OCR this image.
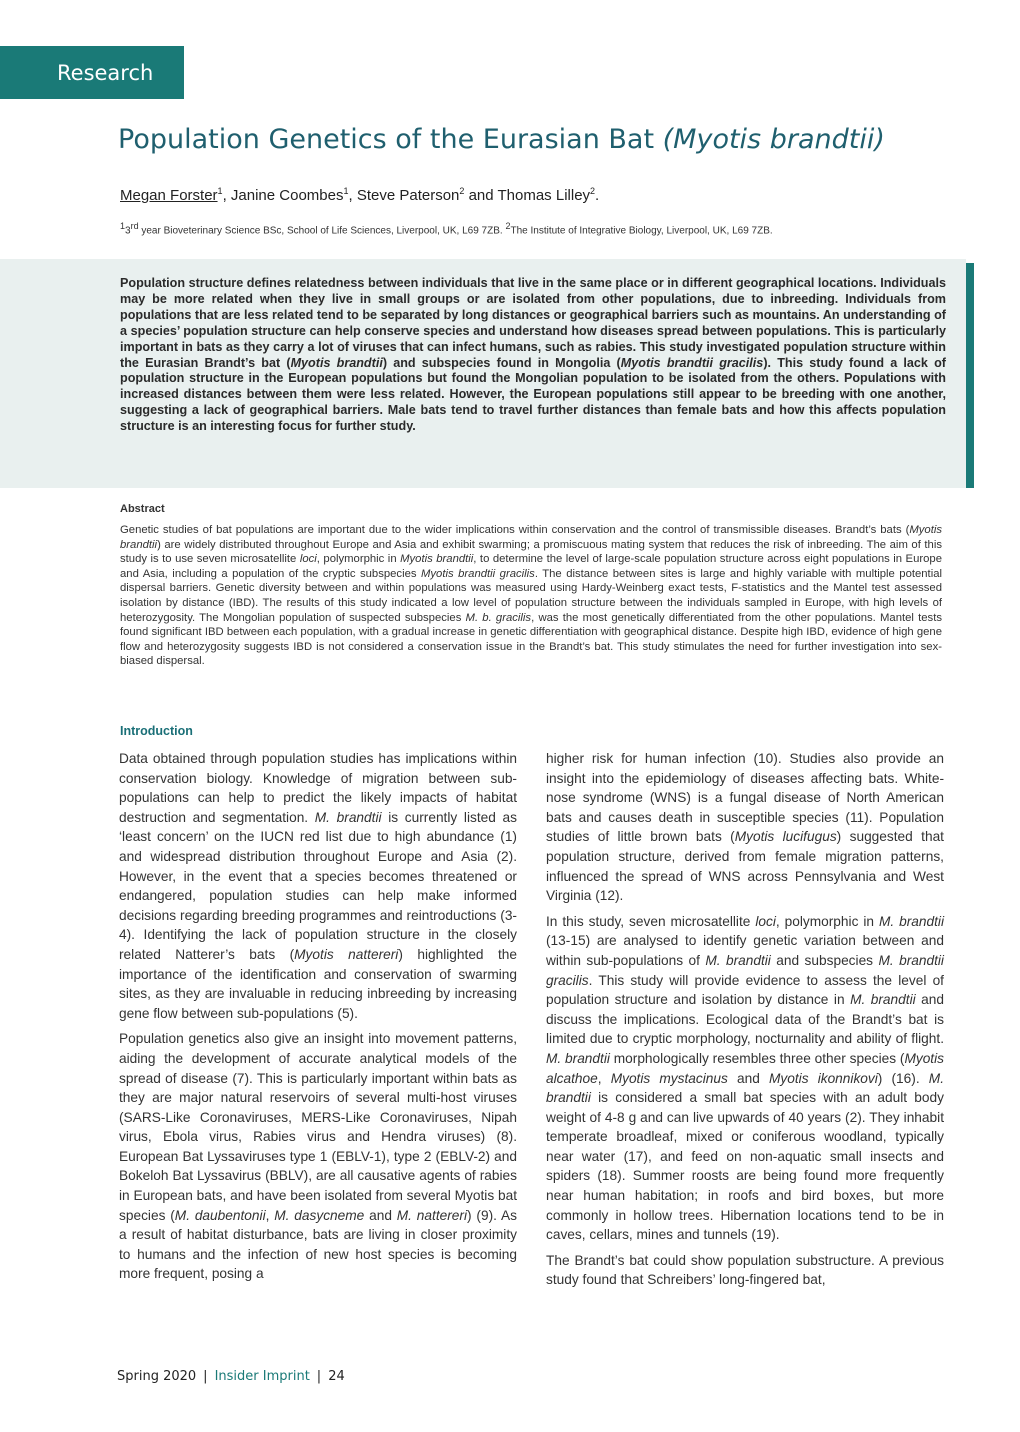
Research
Population Genetics of the Eurasian Bat (Myotis brandtii)
Megan Forster$^1$, Janine Coombes$^1$, Steve Paterson$^2$ and Thomas Lilley$^2$.
$^1$3rd year Bioveterinary Science BSc, School of Life Sciences, Liverpool, UK, L69 7ZB. $^2$The Institute of Integrative Biology, Liverpool, UK, L69 7ZB.
Population structure defines relatedness between individuals that live in the same place or in different geographical locations. Individuals may be more related when they live in small groups or are isolated from other populations, due to inbreeding. Individuals from populations that are less related tend to be separated by long distances or geographical barriers such as mountains. An understanding of a species’ population structure can help conserve species and understand how diseases spread between populations. This is particularly important in bats as they carry a lot of viruses that can infect humans, such as rabies. This study investigated population structure within the Eurasian Brandt’s bat (Myotis brandtii) and subspecies found in Mongolia (Myotis brandtii gracilis). This study found a lack of population structure in the European populations but found the Mongolian population to be isolated from the others. Populations with increased distances between them were less related. However, the European populations still appear to be breeding with one another, suggesting a lack of geographical barriers. Male bats tend to travel further distances than female bats and how this affects population structure is an interesting focus for further study.
Abstract
Genetic studies of bat populations are important due to the wider implications within conservation and the control of transmissible diseases. Brandt’s bats (Myotis brandtii) are widely distributed throughout Europe and Asia and exhibit swarming; a promiscuous mating system that reduces the risk of inbreeding. The aim of this study is to use seven microsatellite loci, polymorphic in Myotis brandtii, to determine the level of large-scale population structure across eight populations in Europe and Asia, including a population of the cryptic subspecies Myotis brandtii gracilis. The distance between sites is large and highly variable with multiple potential dispersal barriers. Genetic diversity between and within populations was measured using Hardy-Weinberg exact tests, F-statistics and the Mantel test assessed isolation by distance (IBD). The results of this study indicated a low level of population structure between the individuals sampled in Europe, with high levels of heterozygosity. The Mongolian population of suspected subspecies M. b. gracilis, was the most genetically differentiated from the other populations. Mantel tests found significant IBD between each population, with a gradual increase in genetic differentiation with geographical distance. Despite high IBD, evidence of high gene flow and heterozygosity suggests IBD is not considered a conservation issue in the Brandt’s bat. This study stimulates the need for further investigation into sex-biased dispersal.
Introduction

Data obtained through population studies has implications within conservation biology. Knowledge of migration between sub-populations can help to predict the likely impacts of habitat destruction and segmentation. M. brandtii is currently listed as ‘least concern’ on the IUCN red list due to high abundance (1) and widespread distribution throughout Europe and Asia (2). However, in the event that a species becomes threatened or endangered, population studies can help make informed decisions regarding breeding programmes and reintroductions (3-4). Identifying the lack of population structure in the closely related Natterer’s bats (Myotis nattereri) highlighted the importance of the identification and conservation of swarming sites, as they are invaluable in reducing inbreeding by increasing gene flow between sub-populations (5).

Population genetics also give an insight into movement patterns, aiding the development of accurate analytical models of the spread of disease (7). This is particularly important within bats as they are major natural reservoirs of several multi-host viruses (SARS-Like Coronaviruses, MERS-Like Coronaviruses, Nipah virus, Ebola virus, Rabies virus and Hendra viruses) (8). European Bat Lyssaviruses type 1 (EBLV-1), type 2 (EBLV-2) and Bokeloh Bat Lyssavirus (BBLV), are all causative agents of rabies in European bats, and have been isolated from several Myotis bat species (M. daubentonii, M. dasycneme and M. nattereri) (9). As a result of habitat disturbance, bats are living in closer proximity to humans and the infection of new host species is becoming more frequent, posing a

higher risk for human infection (10). Studies also provide an insight into the epidemiology of diseases affecting bats. White-nose syndrome (WNS) is a fungal disease of North American bats and causes death in susceptible species (11). Population studies of little brown bats (Myotis lucifugus) suggested that population structure, derived from female migration patterns, influenced the spread of WNS across Pennsylvania and West Virginia (12).

In this study, seven microsatellite loci, polymorphic in M. brandtii (13-15) are analysed to identify genetic variation between and within sub-populations of M. brandtii and subspecies M. brandtii gracilis. This study will provide evidence to assess the level of population structure and isolation by distance in M. brandtii and discuss the implications. Ecological data of the Brandt’s bat is limited due to cryptic morphology, nocturnality and ability of flight. M. brandtii morphologically resembles three other species (Myotis alcathoe, Myotis mystacinus and Myotis ikonnikovi) (16). M. brandtii is considered a small bat species with an adult body weight of 4-8 g and can live upwards of 40 years (2). They inhabit temperate broadleaf, mixed or coniferous woodland, typically near water (17), and feed on non-aquatic small insects and spiders (18). Summer roosts are being found more frequently near human habitation; in roofs and bird boxes, but more commonly in hollow trees. Hibernation locations tend to be in caves, cellars, mines and tunnels (19).

The Brandt’s bat could show population substructure. A previous study found that Schreibers’ long-fingered bat,

Spring 2020 | Insider Imprint | 24
